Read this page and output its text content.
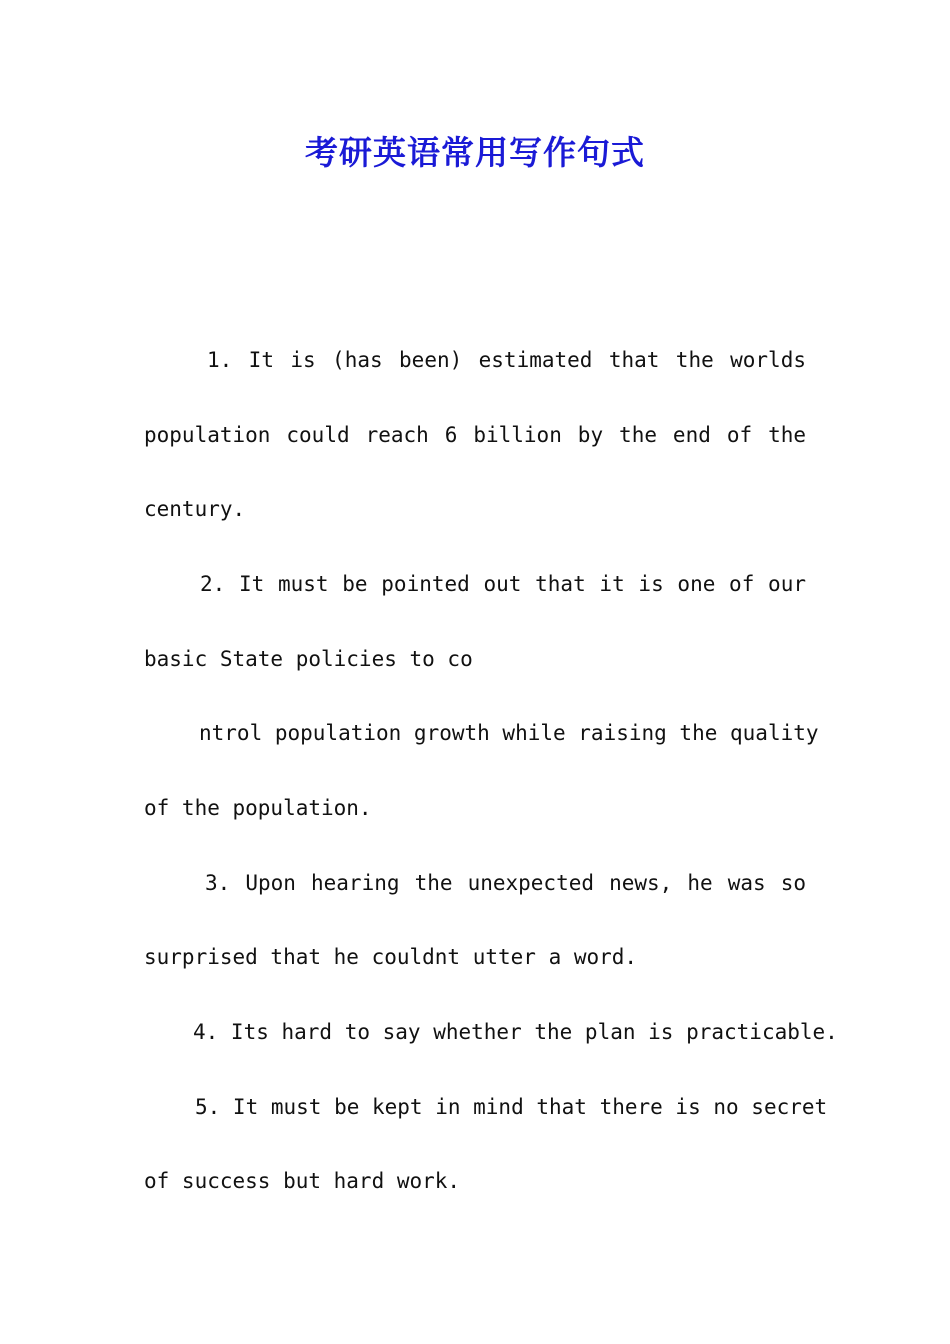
考研英语常用写作句式
1. It is (has been) estimated that the worlds
population could reach 6 billion by the end of the
century.
2. It must be pointed out that it is one of our
basic State policies to co
ntrol population growth while raising the quality
of the population.
3. Upon hearing the unexpected news, he was so
surprised that he couldnt utter a word.
4. Its hard to say whether the plan is practicable.
5. It must be kept in mind that there is no secret
of success but hard work.
